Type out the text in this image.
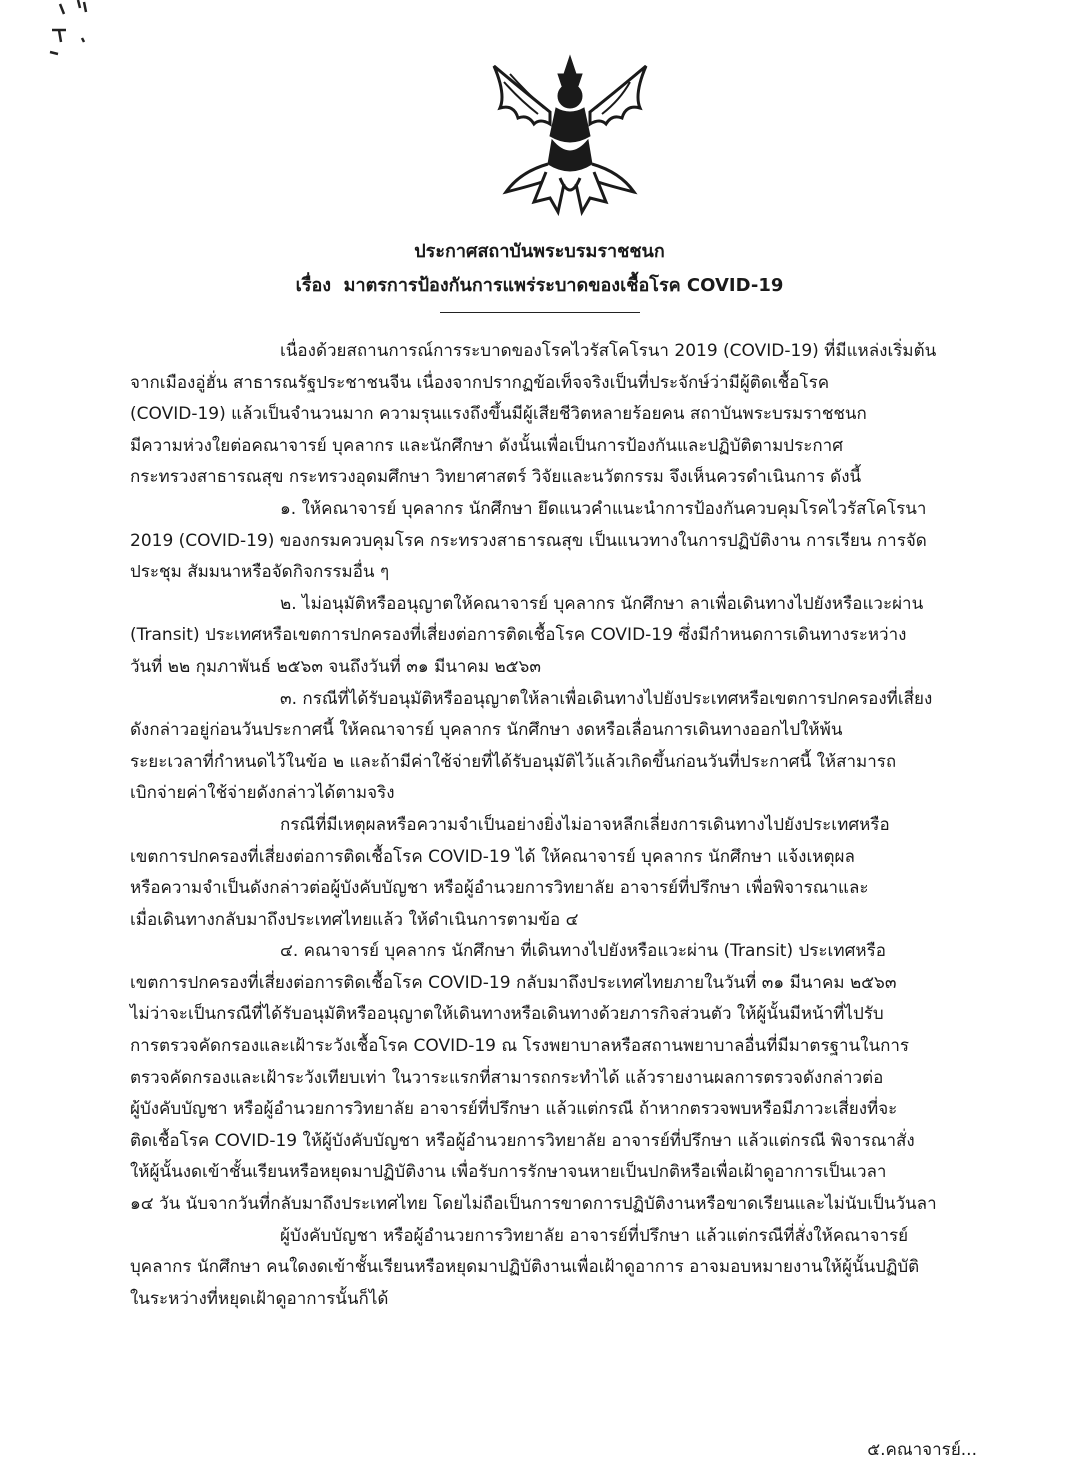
ประกาศสถาบันพระบรมราชชนก
เรื่อง มาตรการป้องกันการแพร่ระบาดของเชื้อโรค COVID-19

เนื่องด้วยสถานการณ์การระบาดของโรคไวรัสโคโรนา 2019 (COVID-19) ที่มีแหล่งเริ่มต้น
จากเมืองอู่ฮั่น สาธารณรัฐประชาชนจีน เนื่องจากปรากฏข้อเท็จจริงเป็นที่ประจักษ์ว่ามีผู้ติดเชื้อโรค
(COVID-19) แล้วเป็นจำนวนมาก ความรุนแรงถึงขึ้นมีผู้เสียชีวิตหลายร้อยคน สถาบันพระบรมราชชนก
มีความห่วงใยต่อคณาจารย์ บุคลากร และนักศึกษา ดังนั้นเพื่อเป็นการป้องกันและปฏิบัติตามประกาศ
กระทรวงสาธารณสุข กระทรวงอุดมศึกษา วิทยาศาสตร์ วิจัยและนวัตกรรม จึงเห็นควรดำเนินการ ดังนี้

๑. ให้คณาจารย์ บุคลากร นักศึกษา ยึดแนวคำแนะนำการป้องกันควบคุมโรคไวรัสโคโรนา
2019 (COVID-19) ของกรมควบคุมโรค กระทรวงสาธารณสุข เป็นแนวทางในการปฏิบัติงาน การเรียน การจัด
ประชุม สัมมนาหรือจัดกิจกรรมอื่น ๆ

๒. ไม่อนุมัติหรืออนุญาตให้คณาจารย์ บุคลากร นักศึกษา ลาเพื่อเดินทางไปยังหรือแวะผ่าน
(Transit) ประเทศหรือเขตการปกครองที่เสี่ยงต่อการติดเชื้อโรค COVID-19 ซึ่งมีกำหนดการเดินทางระหว่าง
วันที่ ๒๒ กุมภาพันธ์ ๒๕๖๓ จนถึงวันที่ ๓๑ มีนาคม ๒๕๖๓

๓. กรณีที่ได้รับอนุมัติหรืออนุญาตให้ลาเพื่อเดินทางไปยังประเทศหรือเขตการปกครองที่เสี่ยง
ดังกล่าวอยู่ก่อนวันประกาศนี้ ให้คณาจารย์ บุคลากร นักศึกษา งดหรือเลื่อนการเดินทางออกไปให้พ้น
ระยะเวลาที่กำหนดไว้ในข้อ ๒ และถ้ามีค่าใช้จ่ายที่ได้รับอนุมัติไว้แล้วเกิดขึ้นก่อนวันที่ประกาศนี้ ให้สามารถ
เบิกจ่ายค่าใช้จ่ายดังกล่าวได้ตามจริง

กรณีที่มีเหตุผลหรือความจำเป็นอย่างยิ่งไม่อาจหลีกเลี่ยงการเดินทางไปยังประเทศหรือ
เขตการปกครองที่เสี่ยงต่อการติดเชื้อโรค COVID-19 ได้ ให้คณาจารย์ บุคลากร นักศึกษา แจ้งเหตุผล
หรือความจำเป็นดังกล่าวต่อผู้บังคับบัญชา หรือผู้อำนวยการวิทยาลัย อาจารย์ที่ปรึกษา เพื่อพิจารณาและ
เมื่อเดินทางกลับมาถึงประเทศไทยแล้ว ให้ดำเนินการตามข้อ ๔

๔. คณาจารย์ บุคลากร นักศึกษา ที่เดินทางไปยังหรือแวะผ่าน (Transit) ประเทศหรือ
เขตการปกครองที่เสี่ยงต่อการติดเชื้อโรค COVID-19 กลับมาถึงประเทศไทยภายในวันที่ ๓๑ มีนาคม ๒๕๖๓
ไม่ว่าจะเป็นกรณีที่ได้รับอนุมัติหรืออนุญาตให้เดินทางหรือเดินทางด้วยภารกิจส่วนตัว ให้ผู้นั้นมีหน้าที่ไปรับ
การตรวจคัดกรองและเฝ้าระวังเชื้อโรค COVID-19 ณ โรงพยาบาลหรือสถานพยาบาลอื่นที่มีมาตรฐานในการ
ตรวจคัดกรองและเฝ้าระวังเทียบเท่า ในวาระแรกที่สามารถกระทำได้ แล้วรายงานผลการตรวจดังกล่าวต่อ
ผู้บังคับบัญชา หรือผู้อำนวยการวิทยาลัย อาจารย์ที่ปรึกษา แล้วแต่กรณี ถ้าหากตรวจพบหรือมีภาวะเสี่ยงที่จะ
ติดเชื้อโรค COVID-19 ให้ผู้บังคับบัญชา หรือผู้อำนวยการวิทยาลัย อาจารย์ที่ปรึกษา แล้วแต่กรณี พิจารณาสั่ง
ให้ผู้นั้นงดเข้าชั้นเรียนหรือหยุดมาปฏิบัติงาน เพื่อรับการรักษาจนหายเป็นปกติหรือเพื่อเฝ้าดูอาการเป็นเวลา
๑๔ วัน นับจากวันที่กลับมาถึงประเทศไทย โดยไม่ถือเป็นการขาดการปฏิบัติงานหรือขาดเรียนและไม่นับเป็นวันลา

ผู้บังคับบัญชา หรือผู้อำนวยการวิทยาลัย อาจารย์ที่ปรึกษา แล้วแต่กรณีที่สั่งให้คณาจารย์
บุคลากร นักศึกษา คนใดงดเข้าชั้นเรียนหรือหยุดมาปฏิบัติงานเพื่อเฝ้าดูอาการ อาจมอบหมายงานให้ผู้นั้นปฏิบัติ
ในระหว่างที่หยุดเฝ้าดูอาการนั้นก็ได้

๕.คณาจารย์...
